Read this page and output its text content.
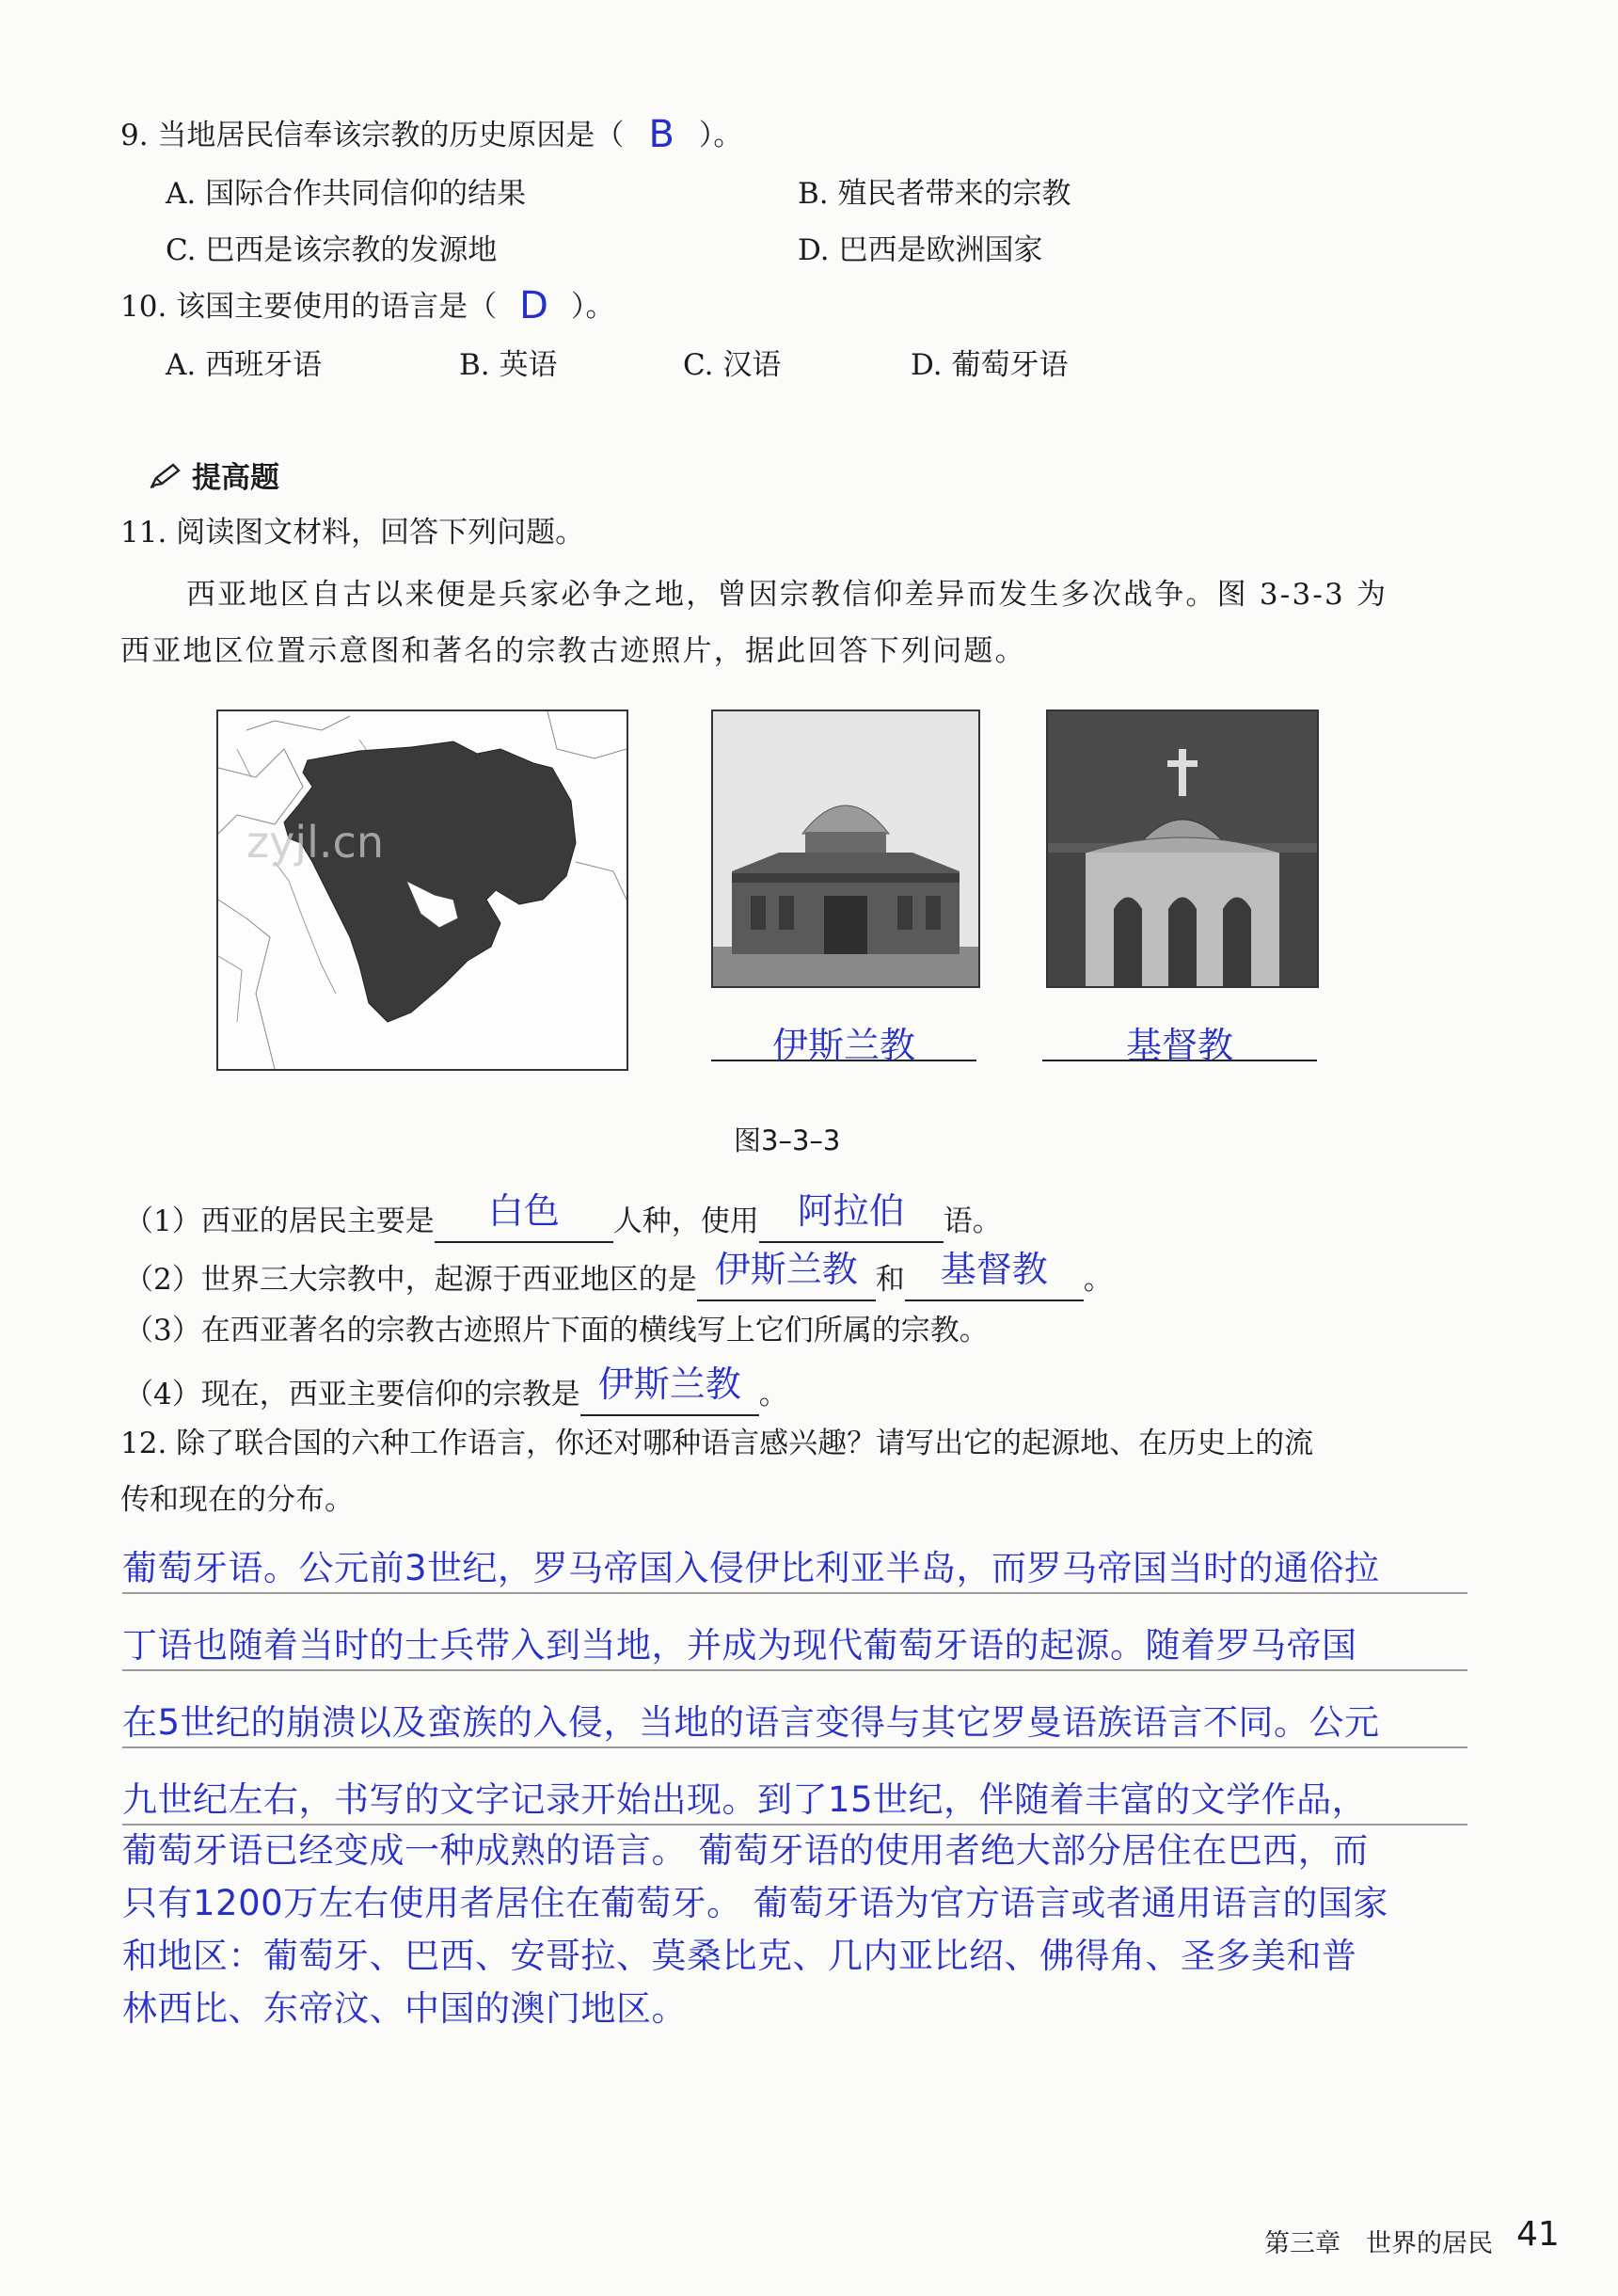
9. 当地居民信奉该宗教的历史原因是（ B ）。
A. 国际合作共同信仰的结果	B. 殖民者带来的宗教
C. 巴西是该宗教的发源地	D. 巴西是欧洲国家
10. 该国主要使用的语言是（ D ）。
A. 西班牙语	B. 英语	C. 汉语	D. 葡萄牙语
提高题
11. 阅读图文材料，回答下列问题。
西亚地区自古以来便是兵家必争之地，曾因宗教信仰差异而发生多次战争。图 3-3-3 为
西亚地区位置示意图和著名的宗教古迹照片，据此回答下列问题。
zyjl.cn
伊斯兰教	基督教
图3–3–3
（1）西亚的居民主要是 白色 人种，使用 阿拉伯 语。
（2）世界三大宗教中，起源于西亚地区的是 伊斯兰教 和 基督教 。
（3）在西亚著名的宗教古迹照片下面的横线写上它们所属的宗教。
（4）现在，西亚主要信仰的宗教是 伊斯兰教 。
12. 除了联合国的六种工作语言，你还对哪种语言感兴趣？请写出它的起源地、在历史上的流
传和现在的分布。
葡萄牙语。公元前3世纪，罗马帝国入侵伊比利亚半岛，而罗马帝国当时的通俗拉
丁语也随着当时的士兵带入到当地，并成为现代葡萄牙语的起源。随着罗马帝国
在5世纪的崩溃以及蛮族的入侵，当地的语言变得与其它罗曼语族语言不同。公元
九世纪左右，书写的文字记录开始出现。到了15世纪，伴随着丰富的文学作品，
葡萄牙语已经变成一种成熟的语言。 葡萄牙语的使用者绝大部分居住在巴西，而
只有1200万左右使用者居住在葡萄牙。 葡萄牙语为官方语言或者通用语言的国家
和地区：葡萄牙、巴西、安哥拉、莫桑比克、几内亚比绍、佛得角、圣多美和普
林西比、东帝汶、中国的澳门地区。
第三章　世界的居民 41
